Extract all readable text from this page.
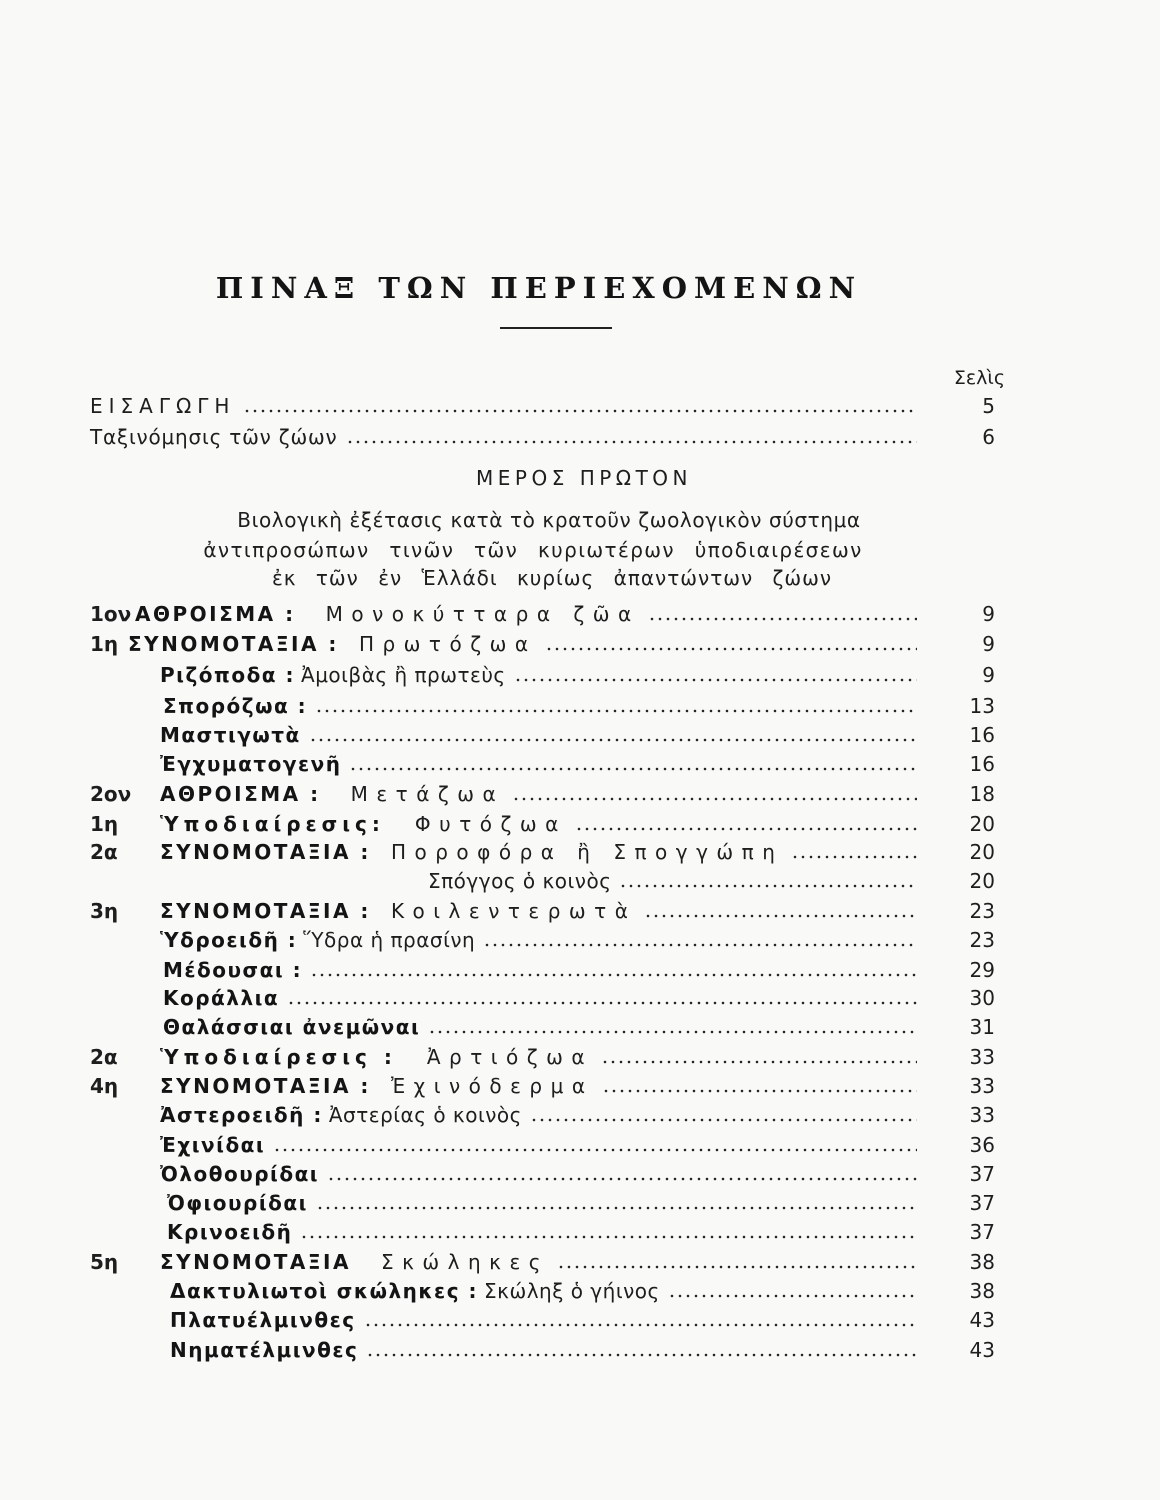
ΠΙΝΑΞ ΤΩΝ ΠΕΡΙΕΧΟΜΕΝΩΝ
Σελὶς
ΕΙΣΑΓΩΓΗ	5
Ταξινόμησις τῶν ζώων	6
ΜΕΡΟΣ ΠΡΩΤΟΝ
Βιολογικὴ ἐξέτασις κατὰ τὸ κρατοῦν ζωολογικὸν σύστημα
ἀντιπροσώπων τινῶν τῶν κυριωτέρων ὑποδιαιρέσεων
ἐκ τῶν ἐν Ἑλλάδι κυρίως ἀπαντώντων ζώων
1ον ΑΘΡΟΙΣΜΑ : Μονοκύτταρα ζῶα	9
1η ΣΥΝΟΜΟΤΑΞΙΑ : Πρωτόζωα	9
Ριζόποδα : Ἀμοιβὰς ἢ πρωτεὺς	9
Σπορόζωα :	13
Μαστιγωτὰ	16
Ἐγχυματογενῆ	16
2ον	ΑΘΡΟΙΣΜΑ : Μετάζωα	18
1η	Ὑποδιαίρεσις: Φυτόζωα	20
2α	ΣΥΝΟΜΟΤΑΞΙΑ : Ποροφόρα ἢ Σπογγώπη	20
Σπόγγος ὁ κοινὸς	20
3η	ΣΥΝΟΜΟΤΑΞΙΑ : Κοιλεντερωτὰ	23
Ὑδροειδῆ : Ὕδρα ἡ πρασίνη	23
Μέδουσαι :	29
Κοράλλια	30
Θαλάσσιαι ἀνεμῶναι	31
2α	Ὑποδιαίρεσις : Ἀρτιόζωα	33
4η	ΣΥΝΟΜΟΤΑΞΙΑ : Ἐχινόδερμα	33
Ἀστεροειδῆ : Ἀστερίας ὁ κοινὸς	33
Ἐχινίδαι	36
Ὀλοθουρίδαι	37
Ὀφιουρίδαι	37
Κρινοειδῆ	37
5η	ΣΥΝΟΜΟΤΑΞΙΑ Σκώληκες	38
Δακτυλιωτοὶ σκώληκες : Σκώληξ ὁ γήινος	38
Πλατυέλμινθες	43
Νηματέλμινθες	43
